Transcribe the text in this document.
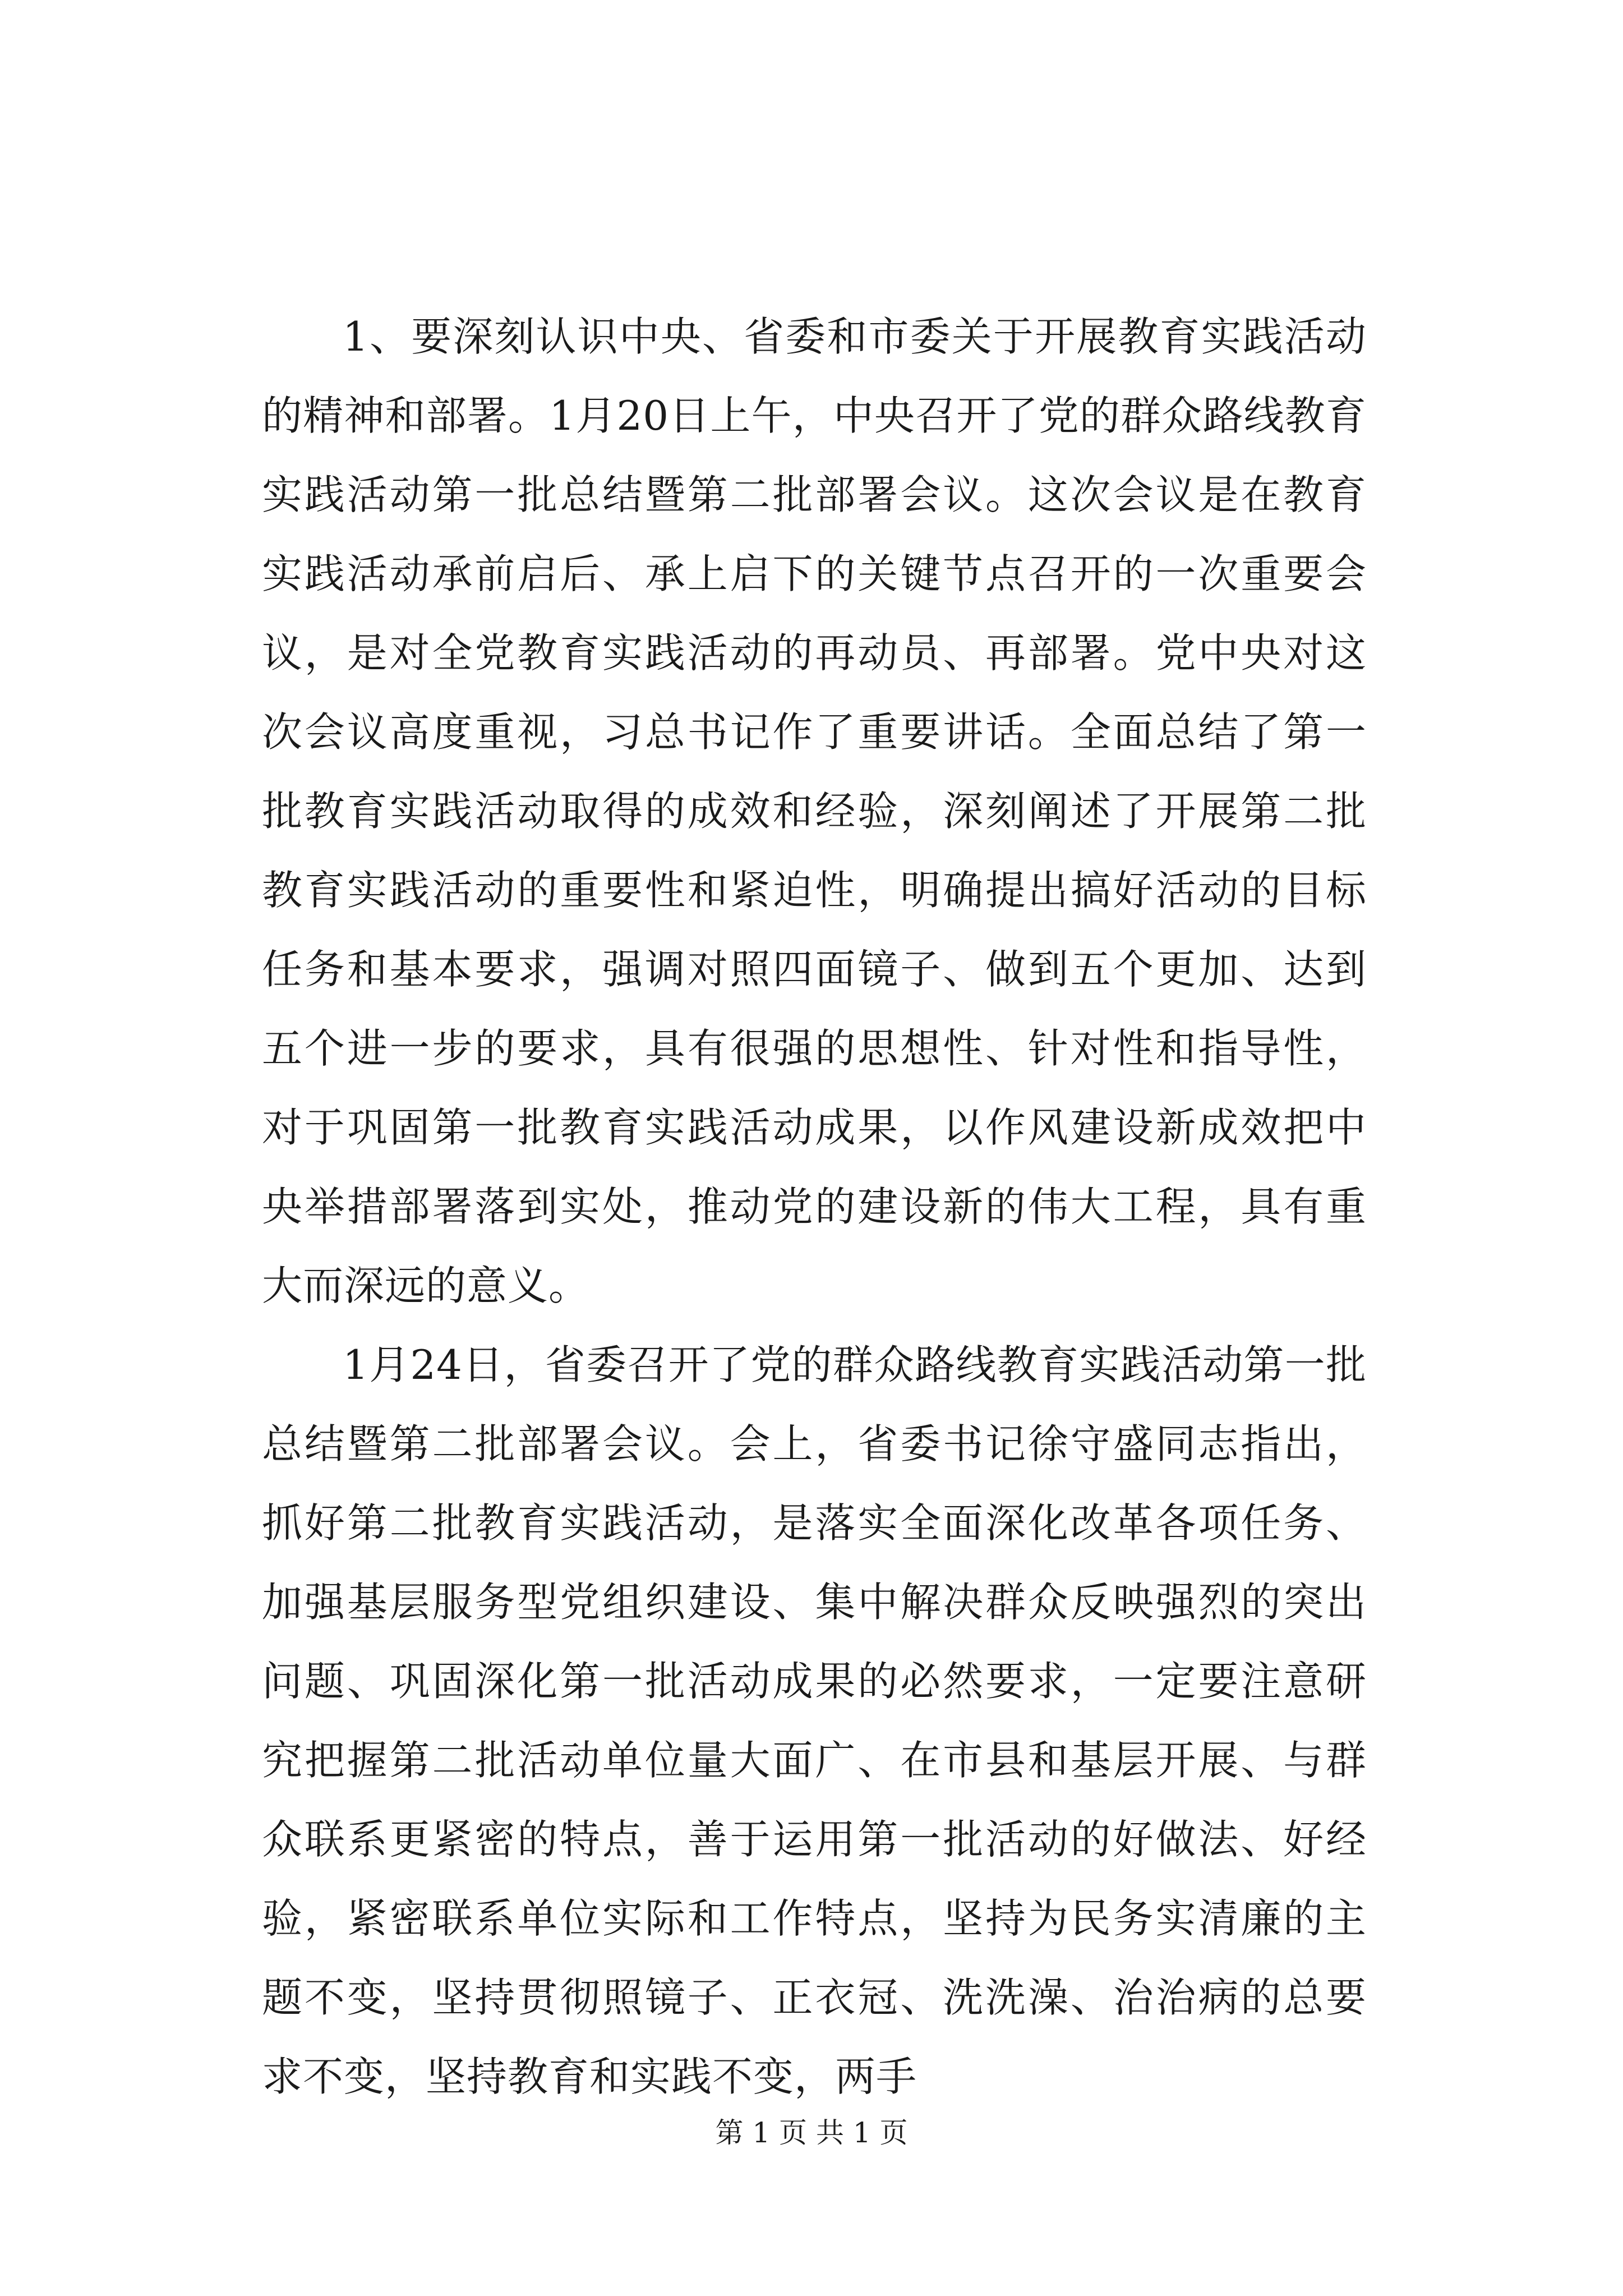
1、要深刻认识中央、省委和市委关于开展教育实践活动的精神和部署。1月20日上午，中央召开了党的群众路线教育实践活动第一批总结暨第二批部署会议。这次会议是在教育实践活动承前启后、承上启下的关键节点召开的一次重要会议，是对全党教育实践活动的再动员、再部署。党中央对这次会议高度重视，习总书记作了重要讲话。全面总结了第一批教育实践活动取得的成效和经验，深刻阐述了开展第二批教育实践活动的重要性和紧迫性，明确提出搞好活动的目标任务和基本要求，强调对照四面镜子、做到五个更加、达到五个进一步的要求，具有很强的思想性、针对性和指导性，对于巩固第一批教育实践活动成果，以作风建设新成效把中央举措部署落到实处，推动党的建设新的伟大工程，具有重大而深远的意义。

1月24日，省委召开了党的群众路线教育实践活动第一批总结暨第二批部署会议。会上，省委书记徐守盛同志指出，抓好第二批教育实践活动，是落实全面深化改革各项任务、加强基层服务型党组织建设、集中解决群众反映强烈的突出问题、巩固深化第一批活动成果的必然要求，一定要注意研究把握第二批活动单位量大面广、在市县和基层开展、与群众联系更紧密的特点，善于运用第一批活动的好做法、好经验，紧密联系单位实际和工作特点，坚持为民务实清廉的主题不变，坚持贯彻照镜子、正衣冠、洗洗澡、治治病的总要求不变，坚持教育和实践不变，两手

第 1 页 共 1 页
